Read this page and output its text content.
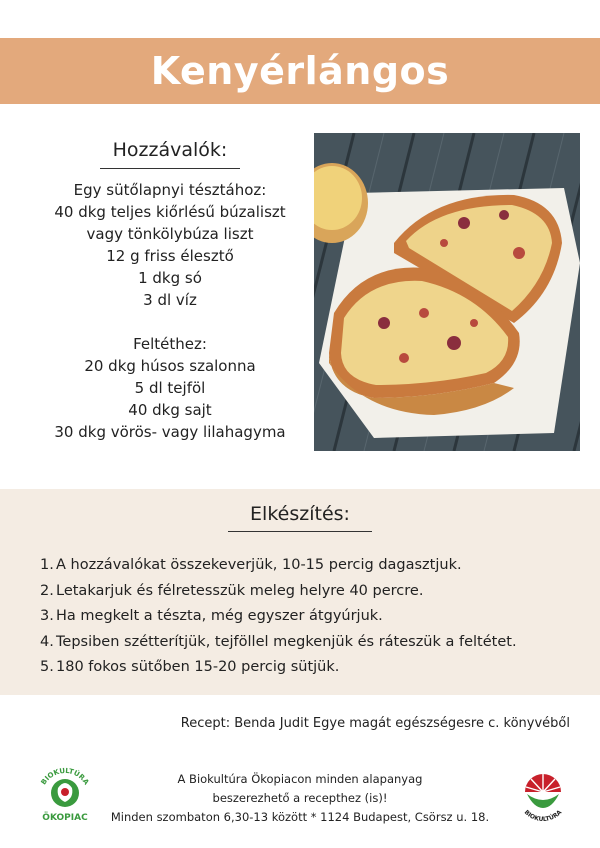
Kenyérlángos
Hozzávalók:
Egy sütőlapnyi tésztához:
40 dkg teljes kiőrlésű búzaliszt
vagy tönkölybúza liszt
12 g friss élesztő
1 dkg só
3 dl víz
Feltéthez:
20 dkg húsos szalonna
5 dl tejföl
40 dkg sajt
30 dkg vörös- vagy lilahagyma
Elkészítés:
1. A hozzávalókat összekeverjük, 10-15 percig dagasztjuk.
2. Letakarjuk és félretesszük meleg helyre 40 percre.
3. Ha megkelt a tészta, még egyszer átgyúrjuk.
4. Tepsiben szétterítjük, tejföllel megkenjük és ráteszük a feltétet.
5. 180 fokos sütőben 15-20 percig sütjük.
Recept: Benda Judit Egye magát egészségesre c. könyvéből
BIOKULTÚRA
ÖKOPIAC
A Biokultúra Ökopiacon minden alapanyag
beszerezhető a recepthez (is)!
Minden szombaton 6,30-13 között * 1124 Budapest, Csörsz u. 18.	BIOKULTÚRA
